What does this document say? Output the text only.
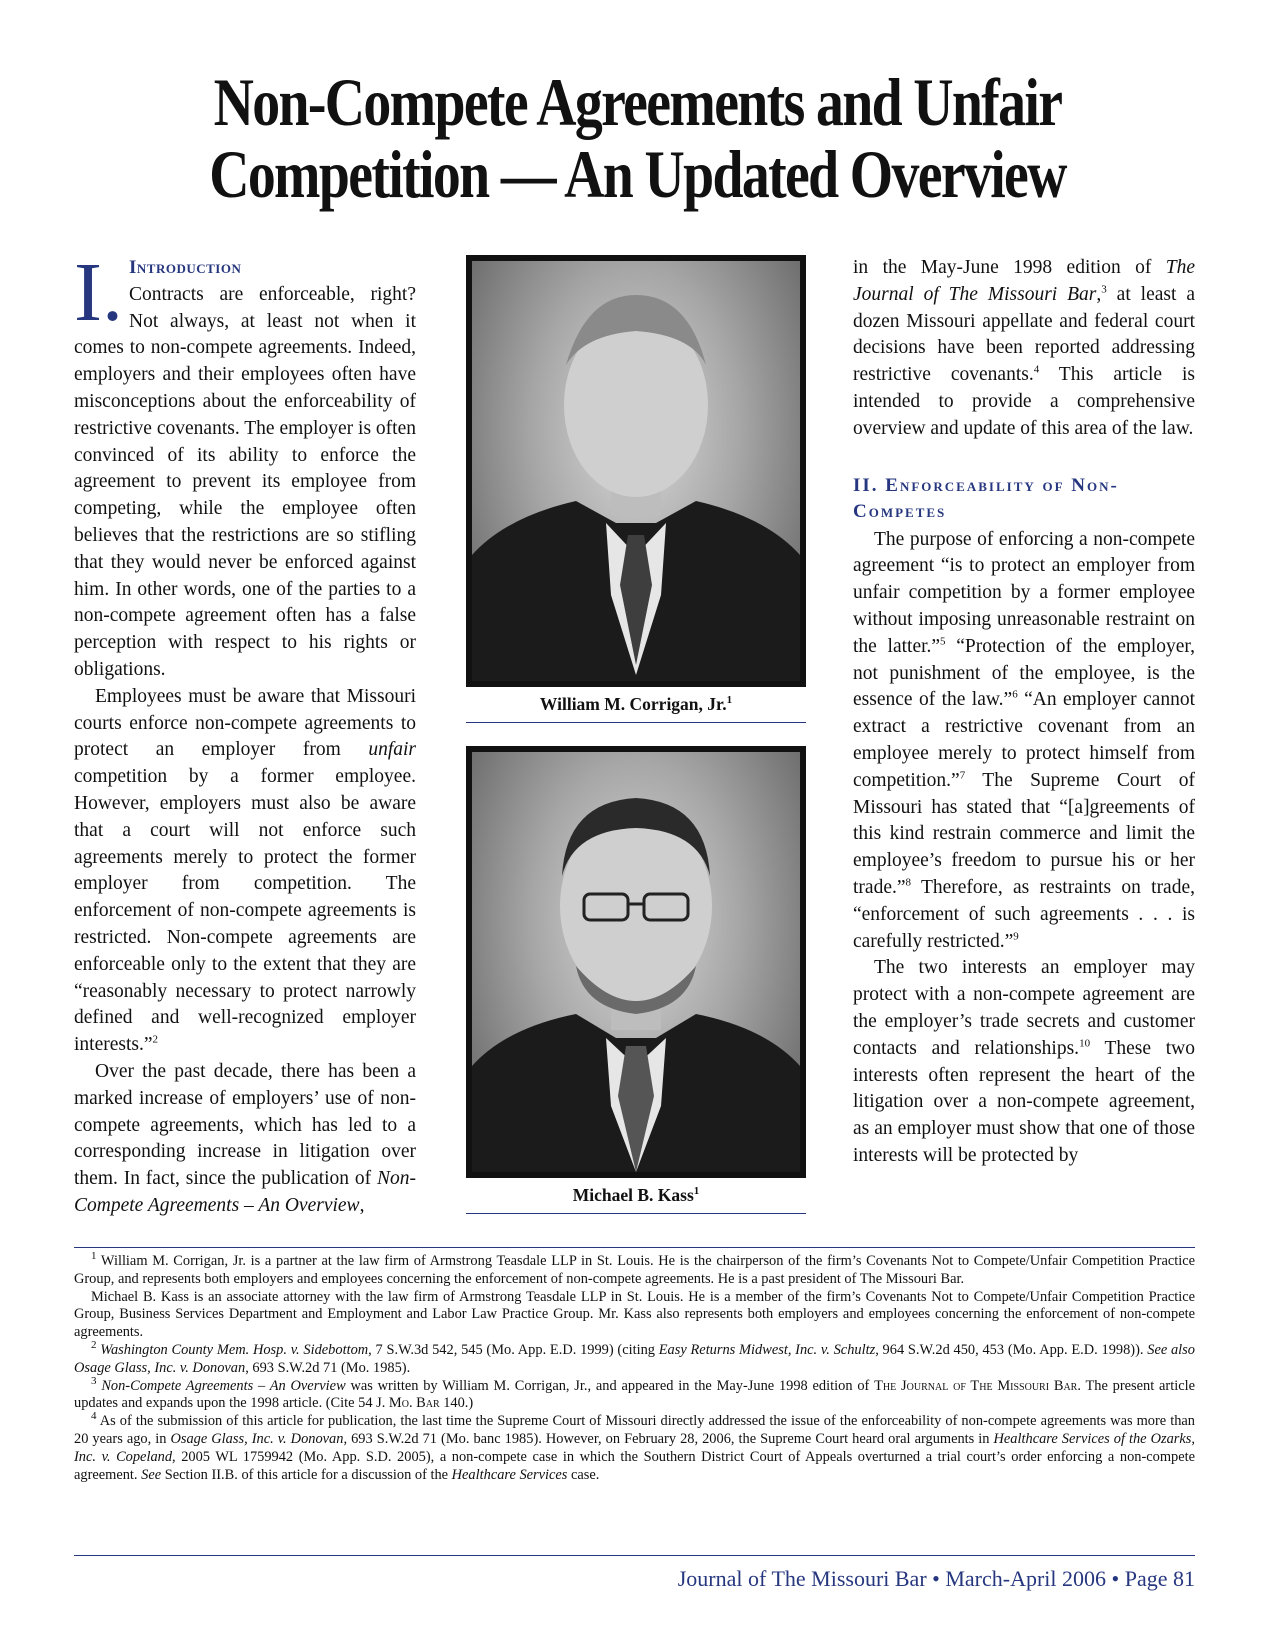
Non-Compete Agreements and Unfair
Competition — An Updated Overview
I. Introduction

Contracts are enforceable, right? Not always, at least not when it comes to non-compete agreements. Indeed, employers and their employees often have misconceptions about the enforceability of restrictive covenants. The employer is often convinced of its ability to enforce the agreement to prevent its employee from competing, while the employee often believes that the restrictions are so stifling that they would never be enforced against him. In other words, one of the parties to a non-compete agreement often has a false perception with respect to his rights or obligations.

Employees must be aware that Missouri courts enforce non-compete agreements to protect an employer from unfair competition by a former employee. However, employers must also be aware that a court will not enforce such agreements merely to protect the former employer from competition. The enforcement of non-compete agreements is restricted. Non-compete agreements are enforceable only to the extent that they are “reasonably necessary to protect narrowly defined and well-recognized employer interests.”$^2$

Over the past decade, there has been a marked increase of employers’ use of non-compete agreements, which has led to a corresponding increase in litigation over them. In fact, since the publication of Non-Compete Agreements – An Overview,

William M. Corrigan, Jr.$^1$
Michael B. Kass$^1$

in the May-June 1998 edition of The Journal of The Missouri Bar,$^3$ at least a dozen Missouri appellate and federal court decisions have been reported addressing restrictive covenants.$^4$ This article is intended to provide a comprehensive overview and update of this area of the law.

II. Enforceability of Non-Competes

The purpose of enforcing a non-compete agreement “is to protect an employer from unfair competition by a former employee without imposing unreasonable restraint on the latter.”$^5$ “Protection of the employer, not punishment of the employee, is the essence of the law.”$^6$ “An employer cannot extract a restrictive covenant from an employee merely to protect himself from competition.”$^7$ The Supreme Court of Missouri has stated that “[a]greements of this kind restrain commerce and limit the employee’s freedom to pursue his or her trade.”$^8$ Therefore, as restraints on trade, “enforcement of such agreements . . . is carefully restricted.”$^9$

The two interests an employer may protect with a non-compete agreement are the employer’s trade secrets and customer contacts and relationships.$^{10}$ These two interests often represent the heart of the litigation over a non-compete agreement, as an employer must show that one of those interests will be protected by

$^1$ William M. Corrigan, Jr. is a partner at the law firm of Armstrong Teasdale LLP in St. Louis. He is the chairperson of the firm’s Covenants Not to Compete/Unfair Competition Practice Group, and represents both employers and employees concerning the enforcement of non-compete agreements. He is a past president of The Missouri Bar.

Michael B. Kass is an associate attorney with the law firm of Armstrong Teasdale LLP in St. Louis. He is a member of the firm’s Covenants Not to Compete/Unfair Competition Practice Group, Business Services Department and Employment and Labor Law Practice Group. Mr. Kass also represents both employers and employees concerning the enforcement of non-compete agreements.

$^2$ Washington County Mem. Hosp. v. Sidebottom, 7 S.W.3d 542, 545 (Mo. App. E.D. 1999) (citing Easy Returns Midwest, Inc. v. Schultz, 964 S.W.2d 450, 453 (Mo. App. E.D. 1998)). See also Osage Glass, Inc. v. Donovan, 693 S.W.2d 71 (Mo. 1985).

$^3$ Non-Compete Agreements – An Overview was written by William M. Corrigan, Jr., and appeared in the May-June 1998 edition of The Journal of The Missouri Bar. The present article updates and expands upon the 1998 article. (Cite 54 J. Mo. Bar 140.)

$^4$ As of the submission of this article for publication, the last time the Supreme Court of Missouri directly addressed the issue of the enforceability of non-compete agreements was more than 20 years ago, in Osage Glass, Inc. v. Donovan, 693 S.W.2d 71 (Mo. banc 1985). However, on February 28, 2006, the Supreme Court heard oral arguments in Healthcare Services of the Ozarks, Inc. v. Copeland, 2005 WL 1759942 (Mo. App. S.D. 2005), a non-compete case in which the Southern District Court of Appeals overturned a trial court’s order enforcing a non-compete agreement. See Section II.B. of this article for a discussion of the Healthcare Services case.

Journal of The Missouri Bar • March-April 2006 • Page 81
